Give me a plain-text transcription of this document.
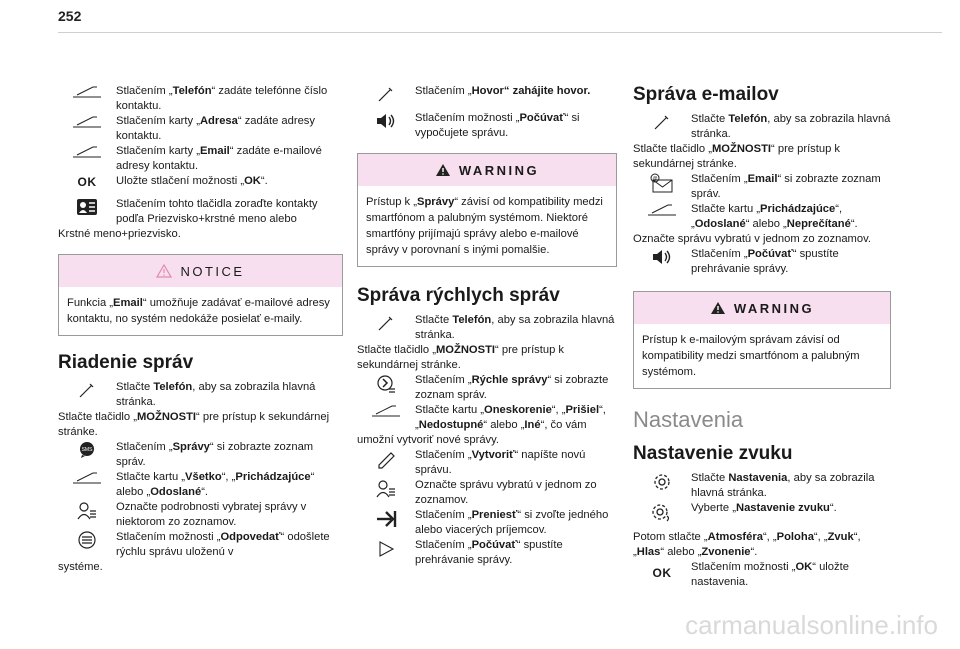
252
Stlačením „Telefón“ zadáte telefónne číslo kontaktu.
Stlačením karty „Adresa“ zadáte adresy kontaktu.
Stlačením karty „Email“ zadáte e-mailové adresy kontaktu.
OK Uložte stlačení možnosti „OK“.
Stlačením tohto tlačidla zoraďte kontakty podľa Priezvisko+krstné meno alebo
Krstné meno+priezvisko.
NOTICE
Funkcia „Email“ umožňuje zadávať e-mailové adresy kontaktu, no systém nedokáže posielať e-maily.
Riadenie správ
Stlačte Telefón, aby sa zobrazila hlavná stránka.
Stlačte tlačidlo „MOŽNOSTI“ pre prístup k sekundárnej stránke.
SMS Stlačením „Správy“ si zobrazte zoznam správ.
Stlačte kartu „Všetko“, „Prichádzajúce“ alebo „Odoslané“.
Označte podrobnosti vybratej správy v niektorom zo zoznamov.
Stlačením možnosti „Odpovedať“ odošlete rýchlu správu uloženú v
systéme.
Stlačením „Hovor“ zahájite hovor.
Stlačením možnosti „Počúvať“ si vypočujete správu.
WARNING
Prístup k „Správy“ závisí od kompatibility medzi smartfónom a palubným systémom. Niektoré smartfóny prijímajú správy alebo e-mailové správy v porovnaní s inými pomalšie.
Správa rýchlych správ
Stlačte Telefón, aby sa zobrazila hlavná stránka.
Stlačte tlačidlo „MOŽNOSTI“ pre prístup k sekundárnej stránke.
Stlačením „Rýchle správy“ si zobrazte zoznam správ.
Stlačte kartu „Oneskorenie“, „Prišiel“, „Nedostupné“ alebo „Iné“, čo vám
umožní vytvoriť nové správy.
Stlačením „Vytvoriť“ napíšte novú správu.
Označte správu vybratú v jednom zo zoznamov.
Stlačením „Preniesť“ si zvoľte jedného alebo viacerých príjemcov.
Stlačením „Počúvať“ spustíte prehrávanie správy.
Správa e-mailov
Stlačte Telefón, aby sa zobrazila hlavná stránka.
Stlačte tlačidlo „MOŽNOSTI“ pre prístup k sekundárnej stránke.
@	Stlačením „Email“ si zobrazte zoznam správ.
Stlačte kartu „Prichádzajúce“, „Odoslané“ alebo „Neprečítané“.
Označte správu vybratú v jednom zo zoznamov.
Stlačením „Počúvať“ spustíte prehrávanie správy.
WARNING
Prístup k e-mailovým správam závisí od kompatibility medzi smartfónom a palubným systémom.
Nastavenia
Nastavenie zvuku
Stlačte Nastavenia, aby sa zobrazila hlavná stránka.
Vyberte „Nastavenie zvuku“.
Potom stlačte „Atmosféra“, „Poloha“, „Zvuk“, „Hlas“ alebo „Zvonenie“.
OK Stlačením možnosti „OK“ uložte nastavenia.
carmanualsonline.info
